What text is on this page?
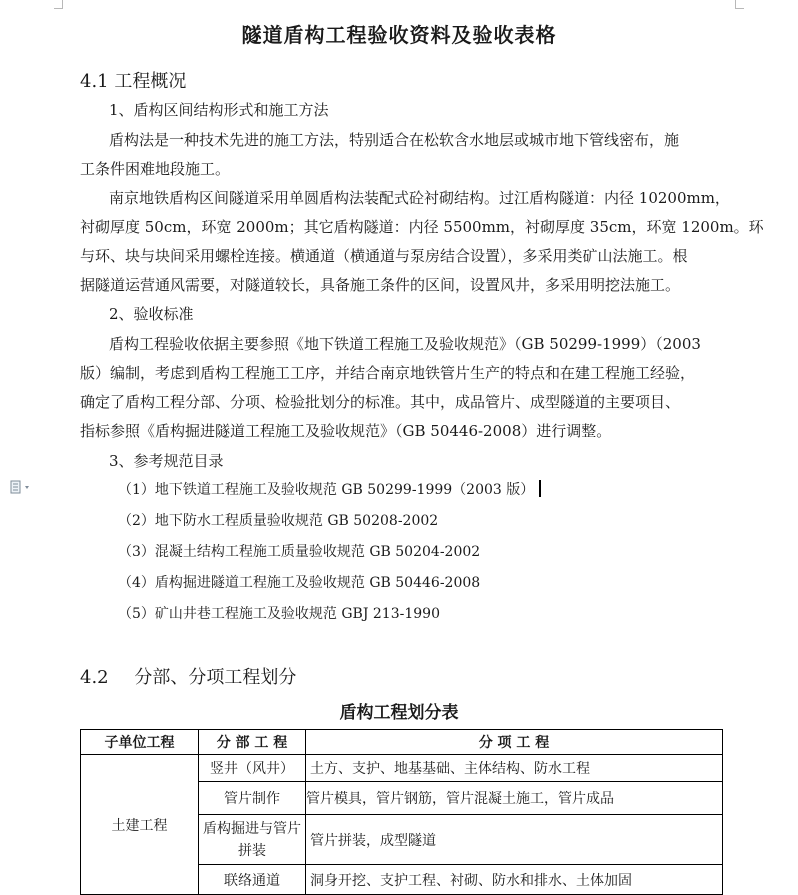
隧道盾构工程验收资料及验收表格
4.1 工程概况
1、盾构区间结构形式和施工方法
盾构法是一种技术先进的施工方法，特别适合在松软含水地层或城市地下管线密布，施
工条件困难地段施工。
南京地铁盾构区间隧道采用单圆盾构法装配式砼衬砌结构。过江盾构隧道：内径 10200mm，
衬砌厚度 50cm，环宽 2000m；其它盾构隧道：内径 5500mm，衬砌厚度 35cm，环宽 1200m。环
与环、块与块间采用螺栓连接。横通道（横通道与泵房结合设置），多采用类矿山法施工。根
据隧道运营通风需要，对隧道较长，具备施工条件的区间，设置风井，多采用明挖法施工。
2、验收标准
盾构工程验收依据主要参照《地下铁道工程施工及验收规范》（GB 50299-1999）（2003
版）编制，考虑到盾构工程施工工序，并结合南京地铁管片生产的特点和在建工程施工经验，
确定了盾构工程分部、分项、检验批划分的标准。其中，成品管片、成型隧道的主要项目、
指标参照《盾构掘进隧道工程施工及验收规范》（GB 50446-2008）进行调整。
3、参考规范目录
（1）地下铁道工程施工及验收规范 GB 50299-1999（2003 版）
（2）地下防水工程质量验收规范 GB 50208-2002
（3）混凝土结构工程施工质量验收规范 GB 50204-2002
（4）盾构掘进隧道工程施工及验收规范 GB 50446-2008
（5）矿山井巷工程施工及验收规范 GBJ 213-1990
4.2 分部、分项工程划分
盾构工程划分表
子单位工程	分 部 工 程	分 项 工 程
土建工程	竖井（风井）	土方、支护、地基基础、主体结构、防水工程
	管片制作	管片模具，管片钢筋，管片混凝土施工，管片成品
	盾构掘进与管片拼装	管片拼装，成型隧道
	联络通道	洞身开挖、支护工程、衬砌、防水和排水、土体加固
